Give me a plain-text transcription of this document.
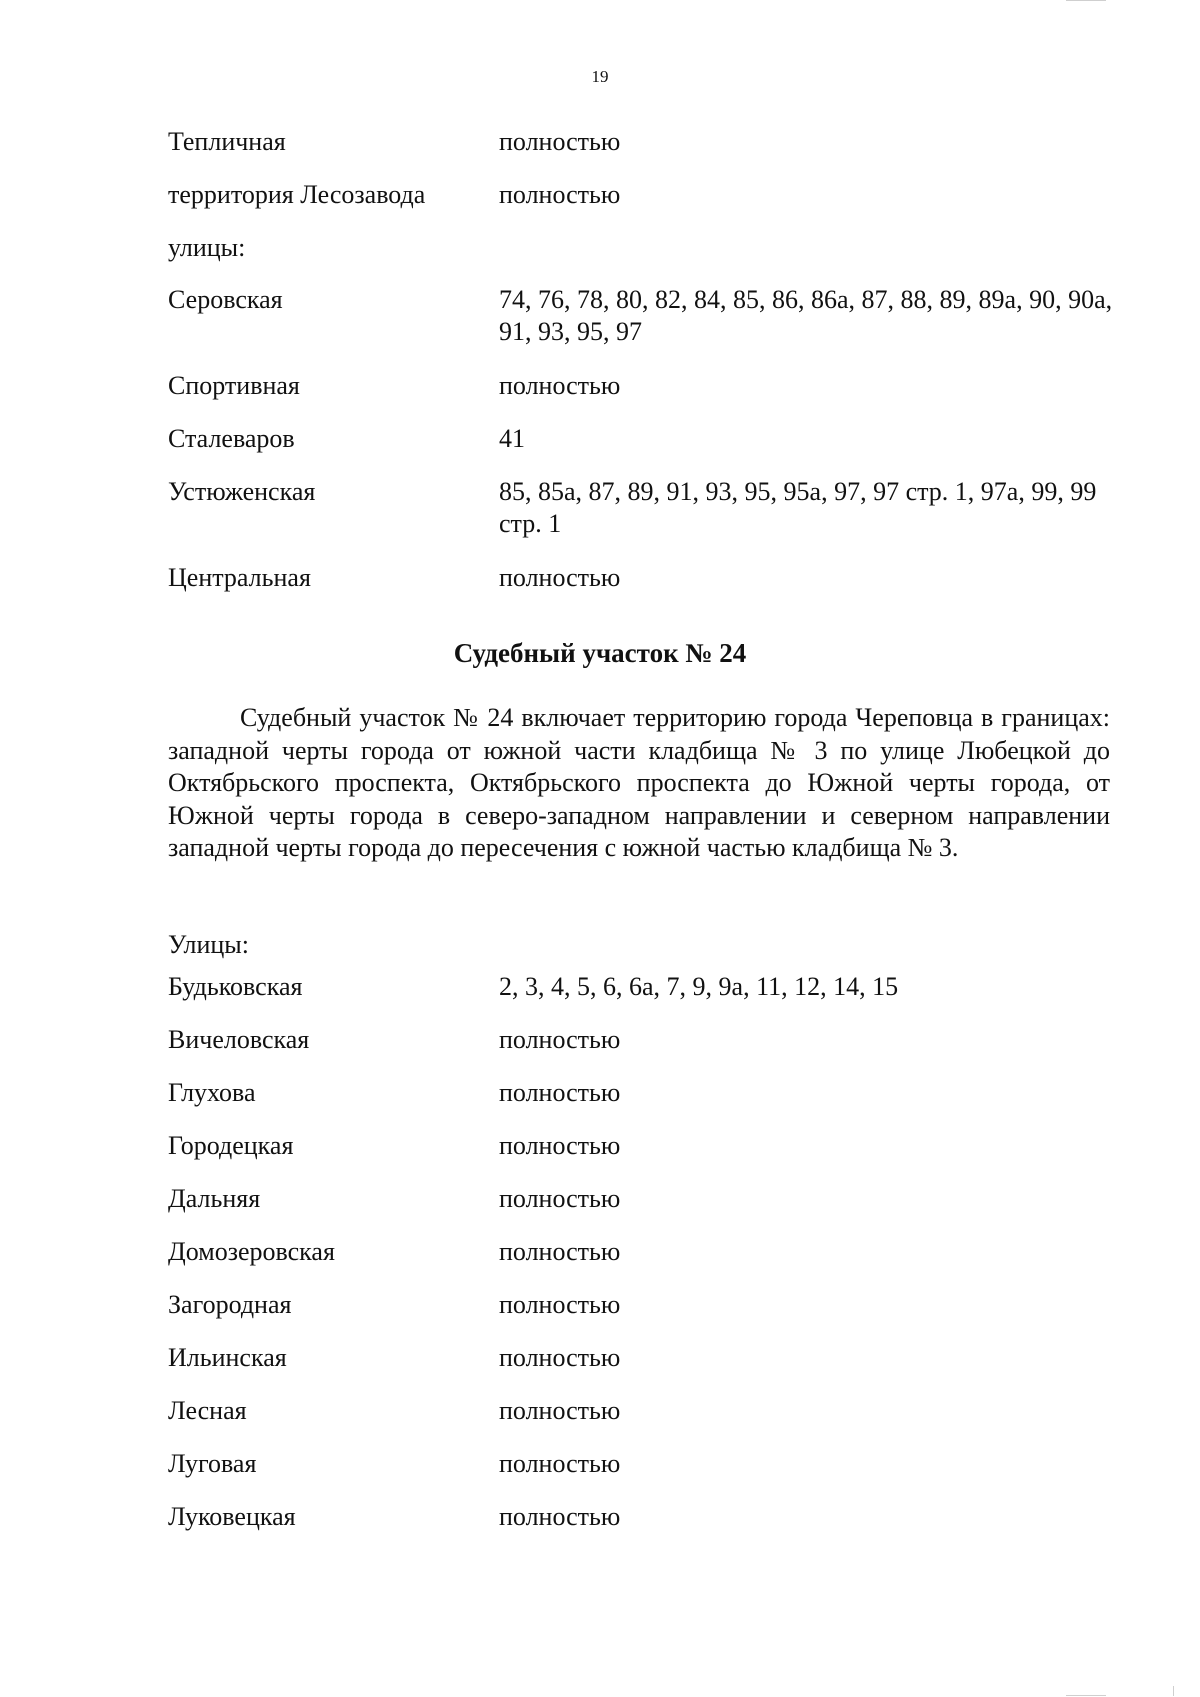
19
Тепличная	полностью
территория Лесозавода	полностью
улицы:
Серовская	74, 76, 78, 80, 82, 84, 85, 86, 86а, 87, 88, 89, 89а, 90, 90а, 91, 93, 95, 97
Спортивная	полностью
Сталеваров	41
Устюженская	85, 85а, 87, 89, 91, 93, 95, 95а, 97, 97 стр. 1, 97а, 99, 99 стр. 1
Центральная	полностью
Судебный участок № 24
Судебный участок № 24 включает территорию города Череповца в границах: западной черты города от южной части кладбища № 3 по улице Любецкой до Октябрьского проспекта, Октябрьского проспекта до Южной черты города, от Южной черты города в северо-западном направлении и северном направлении западной черты города до пересечения с южной частью кладбища № 3.
Улицы:
Будьковская	2, 3, 4, 5, 6, 6а, 7, 9, 9а, 11, 12, 14, 15
Вичеловская	полностью
Глухова	полностью
Городецкая	полностью
Дальняя	полностью
Домозеровская	полностью
Загородная	полностью
Ильинская	полностью
Лесная	полностью
Луговая	полностью
Луковецкая	полностью
